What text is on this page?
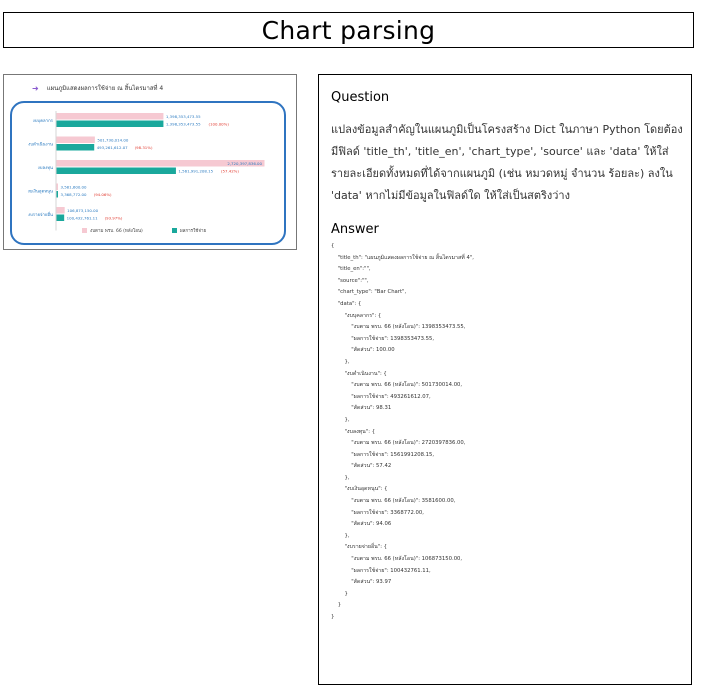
Chart parsing
➜ แผนภูมิแสดงผลการใช้จ่าย ณ สิ้นไตรมาสที่ 4
งบบุคลากร
1,398,353,473.55
1,398,353,473.55 (100.00%)
งบดำเนินงาน
501,730,014.00
493,261,612.07 (98.31%)
งบลงทุน
2,720,397,836.00
1,561,991,208.15 (57.42%)
งบเงินอุดหนุน
3,581,600.00
3,368,772.00 (94.06%)
งบรายจ่ายอื่น
106,873,150.00
100,432,761.11 (93.97%)
งบตาม พรบ. 66 (หลังโอน)	ผลการใช้จ่าย
Question
แปลงข้อมูลสำคัญในแผนภูมิเป็นโครงสร้าง Dict ในภาษา Python โดยต้องมีฟิลด์ 'title_th', 'title_en', 'chart_type', 'source' และ 'data' ให้ใส่ รายละเอียดทั้งหมดที่ได้จากแผนภูมิ (เช่น หมวดหมู่ จำนวน ร้อยละ) ลงใน 'data' หากไม่มีข้อมูลในฟิลด์ใด ให้ใส่เป็นสตริงว่าง
Answer
{
"title_th": "แผนภูมิแสดงผลการใช้จ่าย ณ สิ้นไตรมาสที่ 4",
"title_en":"",
"source":"",
"chart_type": "Bar Chart",
"data": {
"งบบุคลากร": {
"งบตาม พรบ. 66 (หลังโอน)": 1398353473.55,
"ผลการใช้จ่าย": 1398353473.55,
"สัดส่วน": 100.00
},
"งบดำเนินงาน": {
"งบตาม พรบ. 66 (หลังโอน)": 501730014.00,
"ผลการใช้จ่าย": 493261612.07,
"สัดส่วน": 98.31
},
"งบลงทุน": {
"งบตาม พรบ. 66 (หลังโอน)": 2720397836.00,
"ผลการใช้จ่าย": 1561991208.15,
"สัดส่วน": 57.42
},
"งบเงินอุดหนุน": {
"งบตาม พรบ. 66 (หลังโอน)": 3581600.00,
"ผลการใช้จ่าย": 3368772.00,
"สัดส่วน": 94.06
},
"งบรายจ่ายอื่น": {
"งบตาม พรบ. 66 (หลังโอน)": 106873150.00,
"ผลการใช้จ่าย": 100432761.11,
"สัดส่วน": 93.97
}
}
}
